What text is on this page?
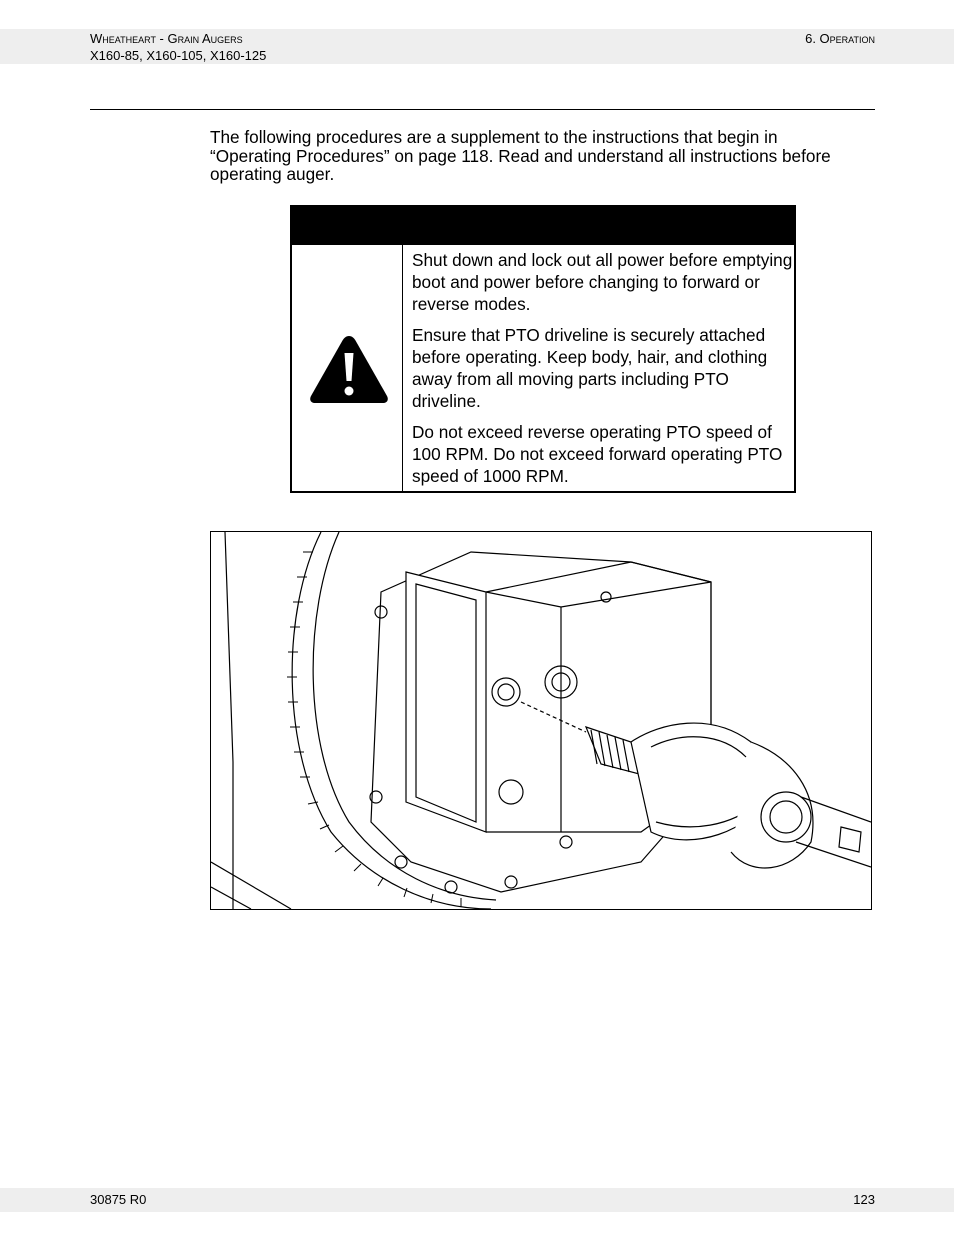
Wheatheart - Grain Augers
X160-85, X160-105, X160-125
6. Operation
The following procedures are a supplement to the instructions that begin in “Operating Procedures” on page 118. Read and understand all instructions before operating auger.

Shut down and lock out all power before emptying boot and power before changing to forward or reverse modes.

Ensure that PTO driveline is securely attached before operating. Keep body, hair, and clothing away from all moving parts including PTO driveline.

Do not exceed reverse operating PTO speed of 100 RPM. Do not exceed forward operating PTO speed of 1000 RPM.

30875 R0	123
